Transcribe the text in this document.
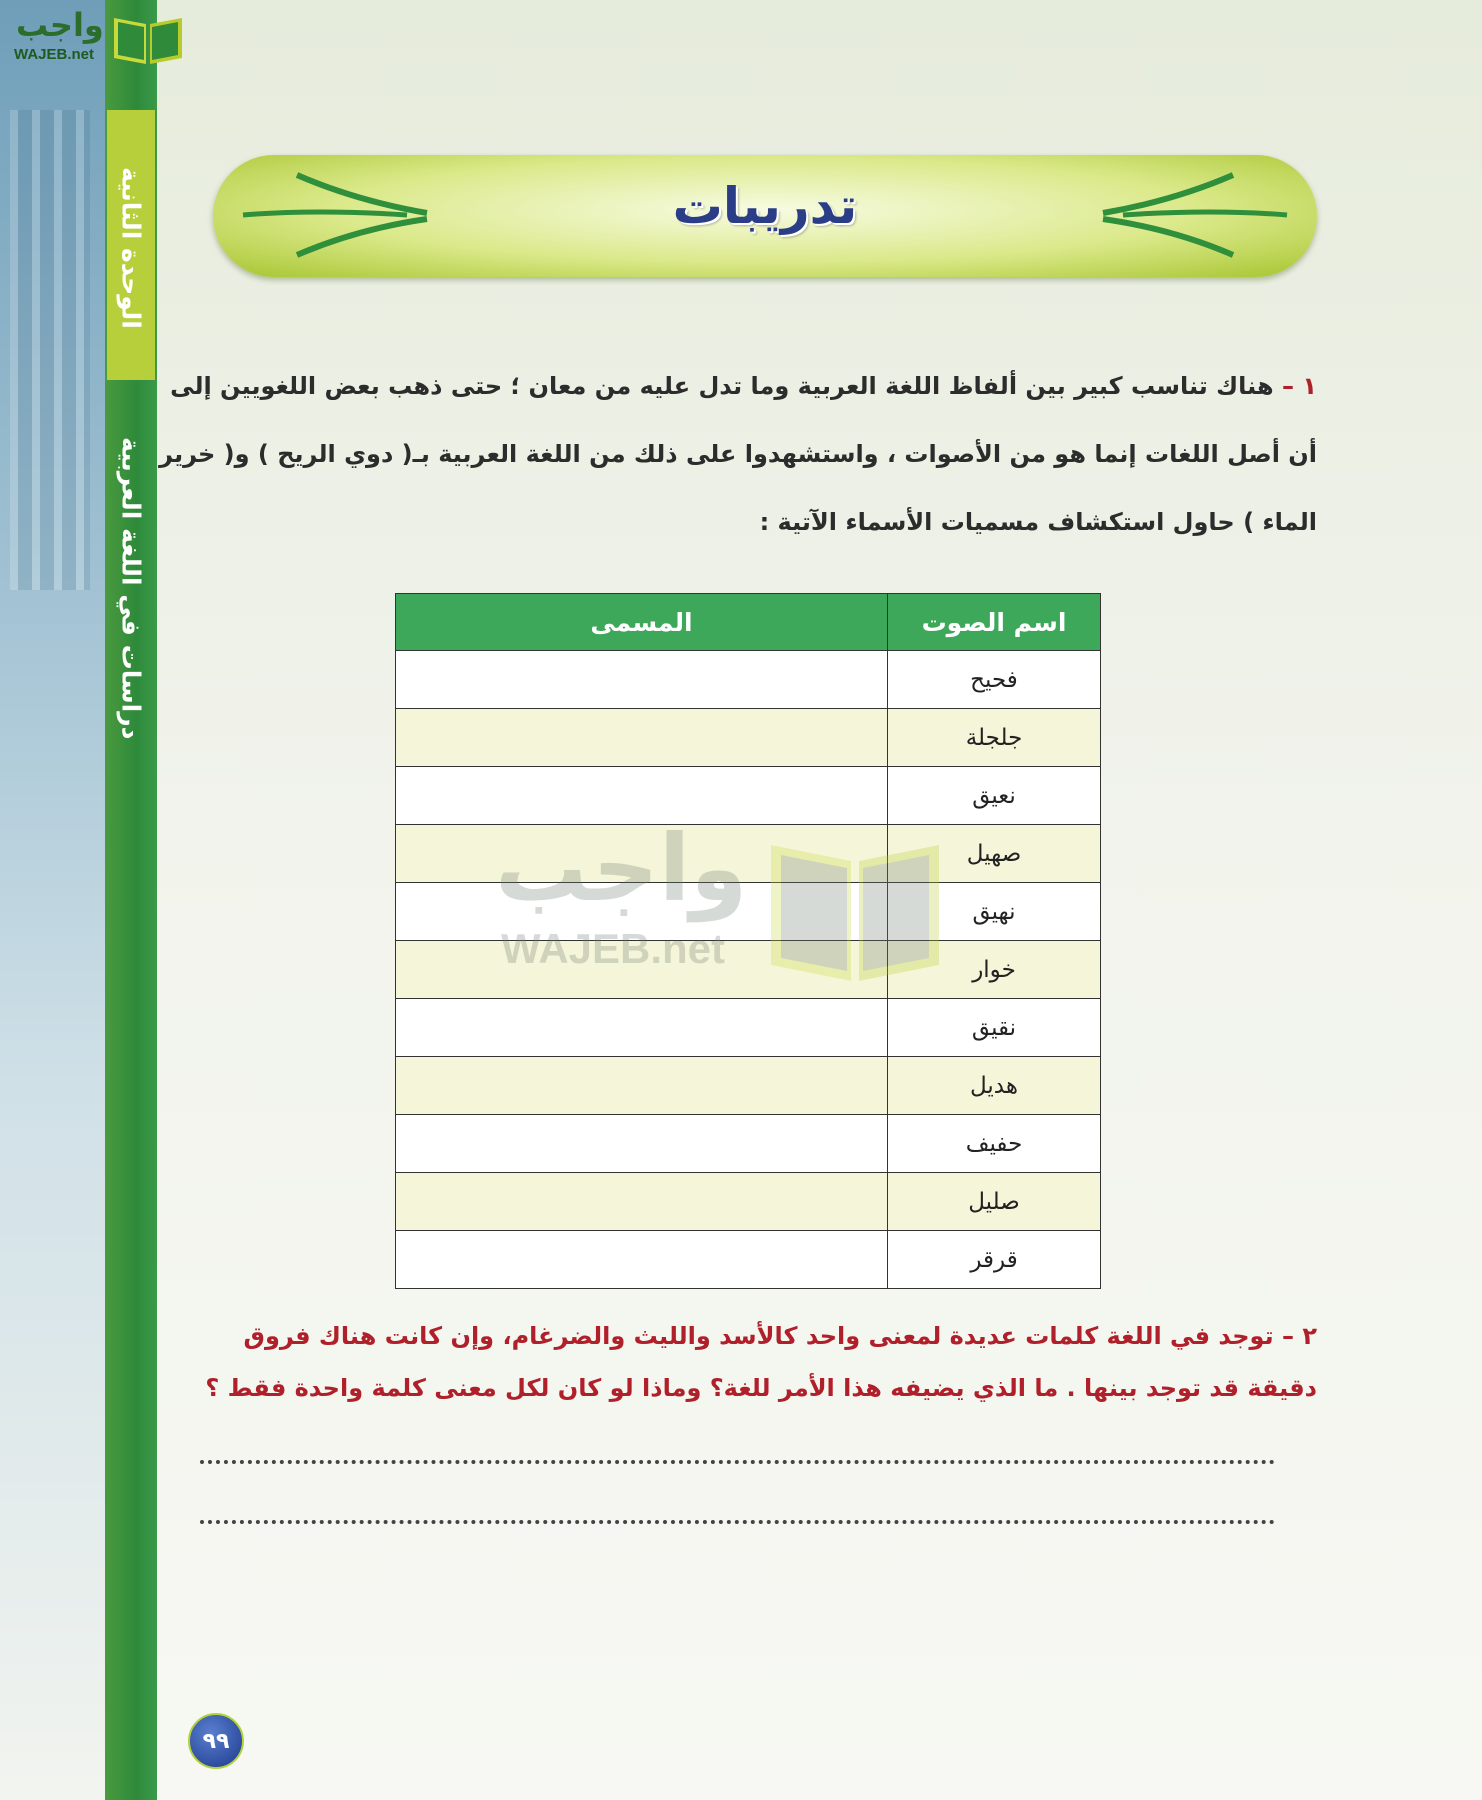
الوحدة الثانية
دراسات في اللغة العربية
واجب
WAJEB.net
تدريبات
١ – هناك تناسب كبير بين ألفاظ اللغة العربية وما تدل عليه من معان ؛ حتى ذهب بعض اللغويين إلى
أن أصل اللغات إنما هو من الأصوات ، واستشهدوا على ذلك من اللغة العربية بـ( دوي الريح ) و( خرير
الماء ) حاول استكشاف مسميات الأسماء الآتية :
اسم الصوت	المسمى
فحيح	
جلجلة	
نعيق	
صهيل	
نهيق	
خوار	
نقيق	
هديل	
حفيف	
صليل	
قرقر	
واجب
WAJEB.net
٢ – توجد في اللغة كلمات عديدة لمعنى واحد كالأسد والليث والضرغام، وإن كانت هناك فروق
دقيقة قد توجد بينها . ما الذي يضيفه هذا الأمر للغة؟ وماذا لو كان لكل معنى كلمة واحدة فقط ؟
٩٩
